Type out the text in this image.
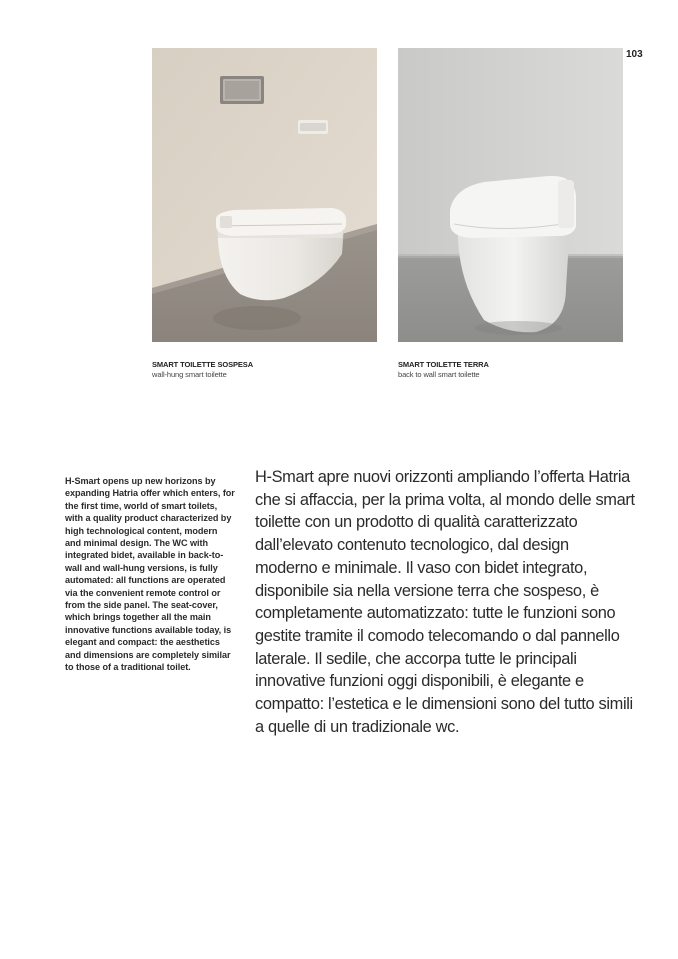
103
SMART TOILETTE SOSPESA
wall-hung smart toilette
SMART TOILETTE TERRA
back to wall smart toilette
H-Smart opens up new horizons by expanding Hatria offer which enters, for the first time, world of smart toilets, with a quality product characterized by high technological content, modern and minimal design. The WC with integrated bidet, available in back-to-wall and wall-hung versions, is fully automated: all functions are operated via the convenient remote control or from the side panel. The seat-cover, which brings together all the main innovative functions available today, is elegant and compact: the aesthetics and dimensions are completely similar to those of a traditional toilet.
H-Smart apre nuovi orizzonti ampliando l’offerta Hatria che si affaccia, per la prima volta, al mondo delle smart toilette con un prodotto di qualità caratterizzato dall’elevato contenuto tecnologico, dal design moderno e minimale. Il vaso con bidet integrato, disponibile sia nella versione terra che sospeso, è completamente automatizzato: tutte le funzioni sono gestite tramite il comodo telecomando o dal pannello laterale. Il sedile, che accorpa tutte le principali innovative funzioni oggi disponibili, è elegante e compatto: l’estetica e le dimensioni sono del tutto simili a quelle di un tradizionale wc.
